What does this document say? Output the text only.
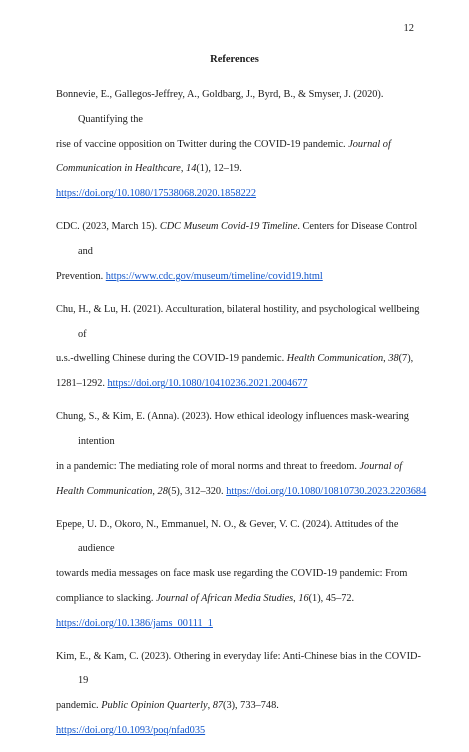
12
References
Bonnevie, E., Gallegos-Jeffrey, A., Goldbarg, J., Byrd, B., & Smyser, J. (2020). Quantifying the
rise of vaccine opposition on Twitter during the COVID-19 pandemic. Journal of
Communication in Healthcare, 14(1), 12–19.
https://doi.org/10.1080/17538068.2020.1858222
CDC. (2023, March 15). CDC Museum Covid-19 Timeline. Centers for Disease Control and
Prevention. https://www.cdc.gov/museum/timeline/covid19.html
Chu, H., & Lu, H. (2021). Acculturation, bilateral hostility, and psychological wellbeing of
u.s.-dwelling Chinese during the COVID-19 pandemic. Health Communication, 38(7),
1281–1292. https://doi.org/10.1080/10410236.2021.2004677
Chung, S., & Kim, E. (Anna). (2023). How ethical ideology influences mask-wearing intention
in a pandemic: The mediating role of moral norms and threat to freedom. Journal of
Health Communication, 28(5), 312–320. https://doi.org/10.1080/10810730.2023.2203684
Epepe, U. D., Okoro, N., Emmanuel, N. O., & Gever, V. C. (2024). Attitudes of the audience
towards media messages on face mask use regarding the COVID-19 pandemic: From
compliance to slacking. Journal of African Media Studies, 16(1), 45–72.
https://doi.org/10.1386/jams_00111_1
Kim, E., & Kam, C. (2023). Othering in everyday life: Anti-Chinese bias in the COVID-19
pandemic. Public Opinion Quarterly, 87(3), 733–748.
https://doi.org/10.1093/poq/nfad035
